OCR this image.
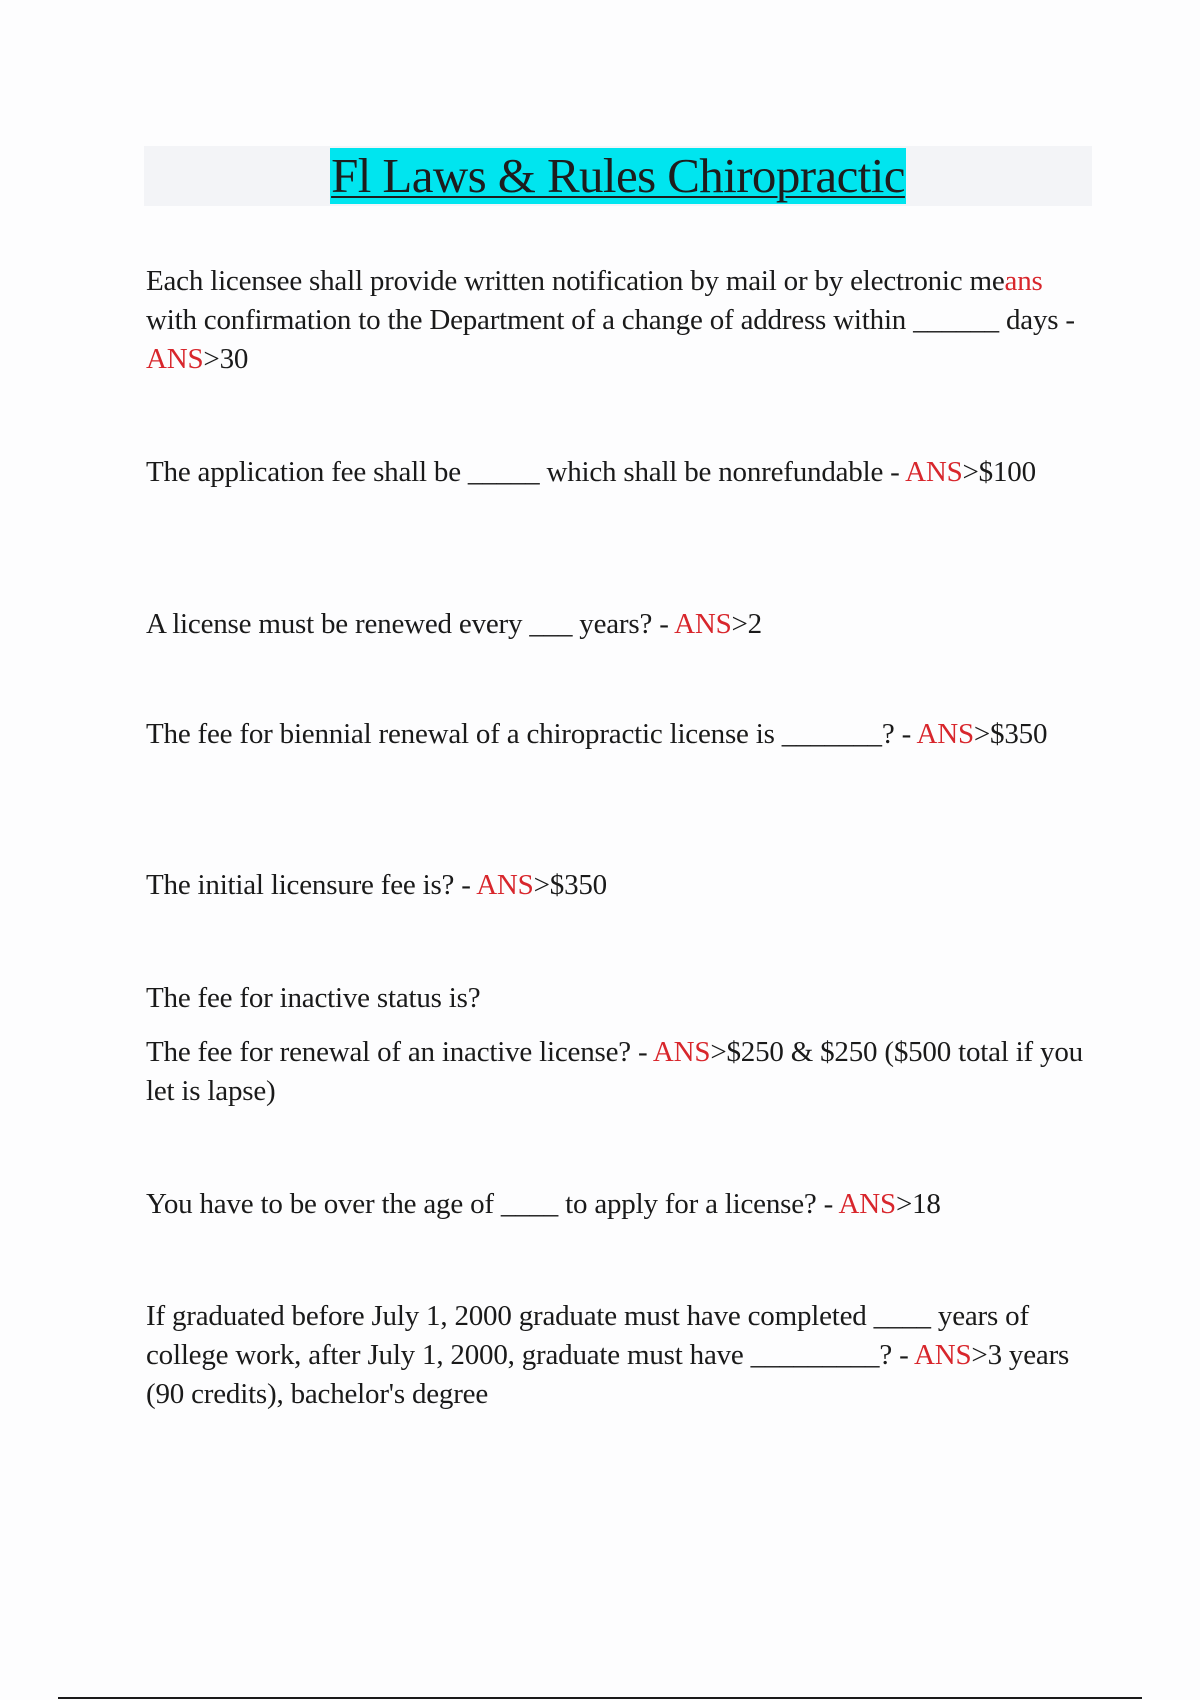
Fl Laws & Rules Chiropractic

Each licensee shall provide written notification by mail or by electronic means with confirmation to the Department of a change of address within ______ days - ANS>30

The application fee shall be _____ which shall be nonrefundable - ANS>$100

A license must be renewed every ___ years? - ANS>2

The fee for biennial renewal of a chiropractic license is _______? - ANS>$350

The initial licensure fee is? - ANS>$350

The fee for inactive status is?

The fee for renewal of an inactive license? - ANS>$250 & $250 ($500 total if you let is lapse)

You have to be over the age of ____ to apply for a license? - ANS>18

If graduated before July 1, 2000 graduate must have completed ____ years of college work, after July 1, 2000, graduate must have _________? - ANS>3 years (90 credits), bachelor's degree
